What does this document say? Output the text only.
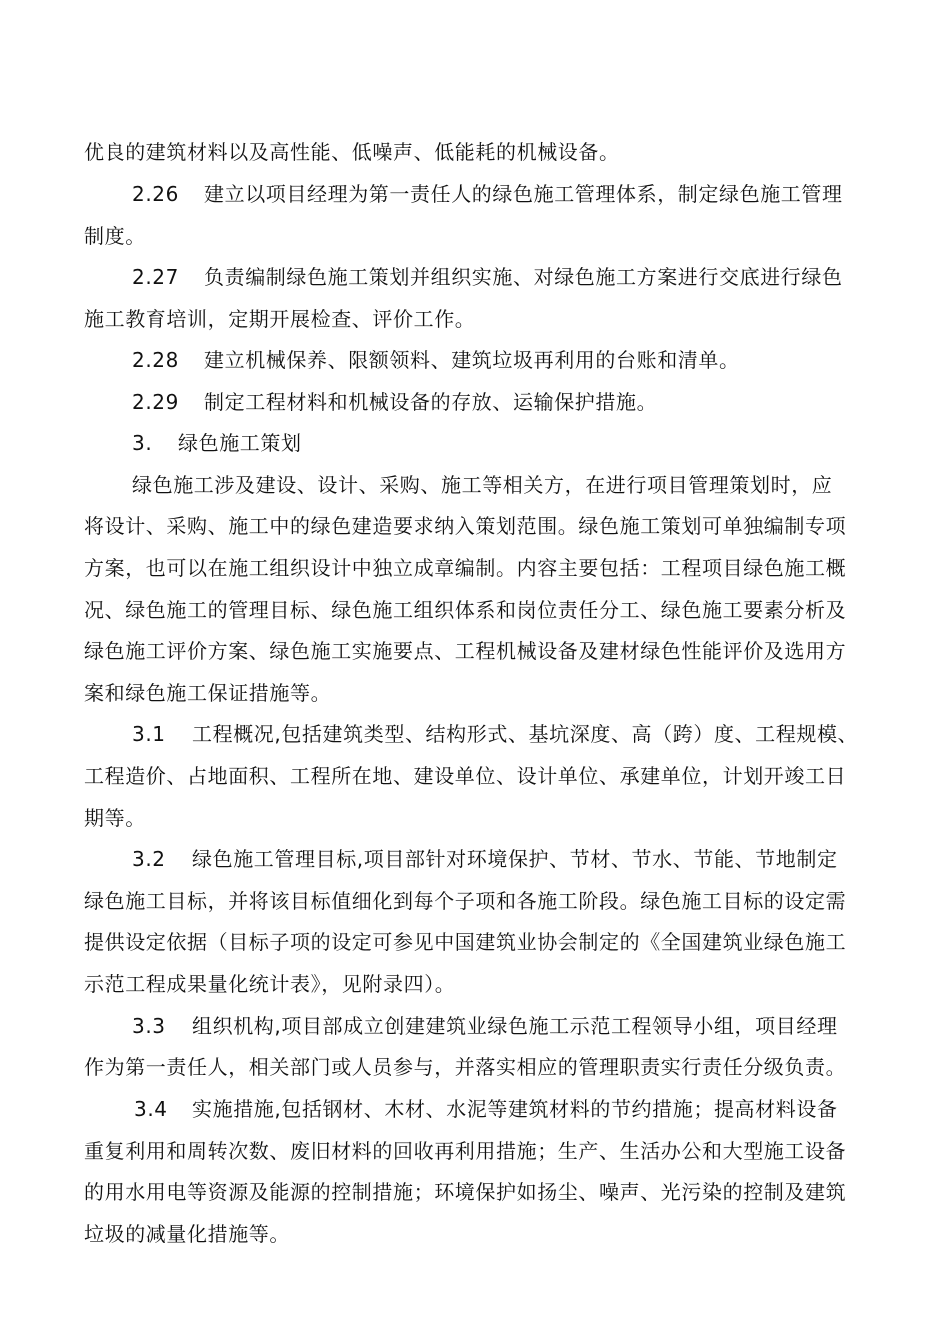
优良的建筑材料以及高性能、低噪声、低能耗的机械设备。
2.26 建立以项目经理为第一责任人的绿色施工管理体系，制定绿色施工管理
制度。
2.27 负责编制绿色施工策划并组织实施、对绿色施工方案进行交底进行绿色
施工教育培训，定期开展检查、评价工作。
2.28 建立机械保养、限额领料、建筑垃圾再利用的台账和清单。
2.29 制定工程材料和机械设备的存放、运输保护措施。
3. 绿色施工策划
绿色施工涉及建设、设计、采购、施工等相关方，在进行项目管理策划时，应
将设计、采购、施工中的绿色建造要求纳入策划范围。绿色施工策划可单独编制专项
方案，也可以在施工组织设计中独立成章编制。内容主要包括：工程项目绿色施工概
况、绿色施工的管理目标、绿色施工组织体系和岗位责任分工、绿色施工要素分析及
绿色施工评价方案、绿色施工实施要点、工程机械设备及建材绿色性能评价及选用方
案和绿色施工保证措施等。
3.1 工程概况,包括建筑类型、结构形式、基坑深度、高（跨）度、工程规模、
工程造价、占地面积、工程所在地、建设单位、设计单位、承建单位，计划开竣工日
期等。
3.2 绿色施工管理目标,项目部针对环境保护、节材、节水、节能、节地制定
绿色施工目标，并将该目标值细化到每个子项和各施工阶段。绿色施工目标的设定需
提供设定依据（目标子项的设定可参见中国建筑业协会制定的《全国建筑业绿色施工
示范工程成果量化统计表》，见附录四）。
3.3 组织机构,项目部成立创建建筑业绿色施工示范工程领导小组，项目经理
作为第一责任人，相关部门或人员参与，并落实相应的管理职责实行责任分级负责。
3.4 实施措施,包括钢材、木材、水泥等建筑材料的节约措施；提高材料设备
重复利用和周转次数、废旧材料的回收再利用措施；生产、生活办公和大型施工设备
的用水用电等资源及能源的控制措施；环境保护如扬尘、噪声、光污染的控制及建筑
垃圾的减量化措施等。
